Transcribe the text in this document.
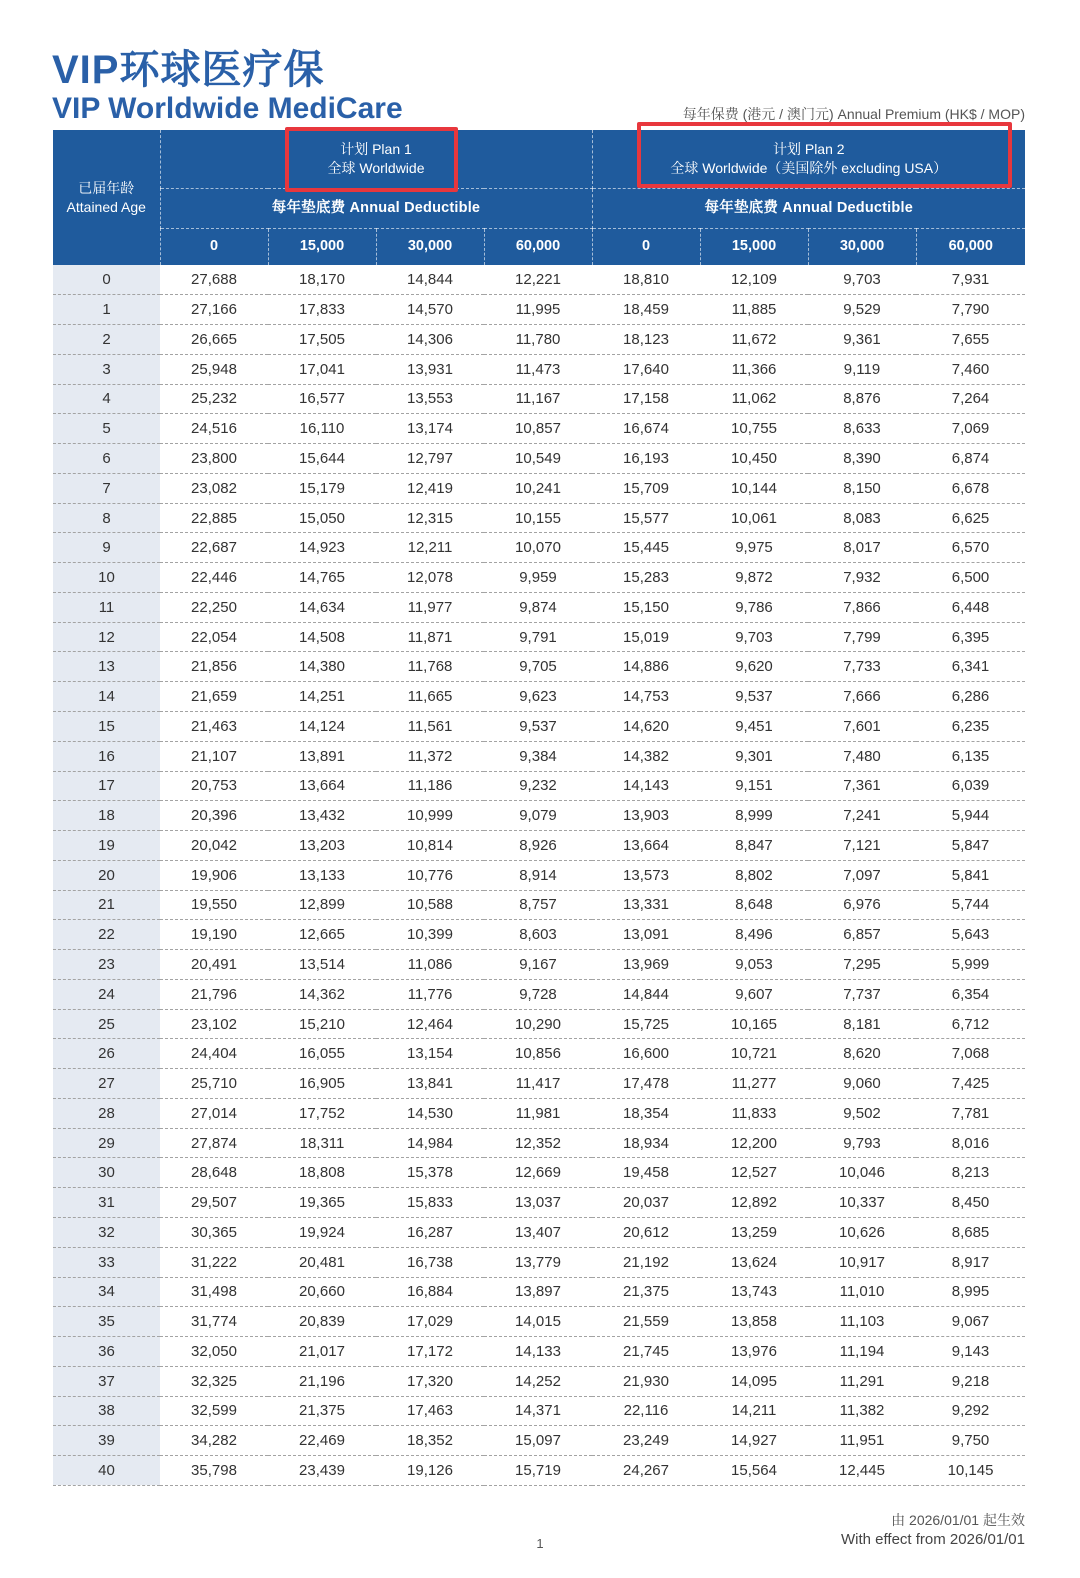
VIP环球医疗保
VIP Worldwide MediCare	每年保费 (港元 / 澳门元) Annual Premium (HK$ / MOP)
已届年龄
Attained Age	计划 Plan 1
全球 Worldwide				计划 Plan 2
全球 Worldwide（美国除外 excluding USA）			

	每年垫底费 Annual Deductible				每年垫底费 Annual Deductible			
	0	15,000	30,000	60,000	0	15,000	30,000	60,000
0	27,688	18,170	14,844	12,221	18,810	12,109	9,703	7,931
1	27,166	17,833	14,570	11,995	18,459	11,885	9,529	7,790
2	26,665	17,505	14,306	11,780	18,123	11,672	9,361	7,655
3	25,948	17,041	13,931	11,473	17,640	11,366	9,119	7,460
4	25,232	16,577	13,553	11,167	17,158	11,062	8,876	7,264
5	24,516	16,110	13,174	10,857	16,674	10,755	8,633	7,069
6	23,800	15,644	12,797	10,549	16,193	10,450	8,390	6,874
7	23,082	15,179	12,419	10,241	15,709	10,144	8,150	6,678
8	22,885	15,050	12,315	10,155	15,577	10,061	8,083	6,625
9	22,687	14,923	12,211	10,070	15,445	9,975	8,017	6,570
10	22,446	14,765	12,078	9,959	15,283	9,872	7,932	6,500
11	22,250	14,634	11,977	9,874	15,150	9,786	7,866	6,448
12	22,054	14,508	11,871	9,791	15,019	9,703	7,799	6,395
13	21,856	14,380	11,768	9,705	14,886	9,620	7,733	6,341
14	21,659	14,251	11,665	9,623	14,753	9,537	7,666	6,286
15	21,463	14,124	11,561	9,537	14,620	9,451	7,601	6,235
16	21,107	13,891	11,372	9,384	14,382	9,301	7,480	6,135
17	20,753	13,664	11,186	9,232	14,143	9,151	7,361	6,039
18	20,396	13,432	10,999	9,079	13,903	8,999	7,241	5,944
19	20,042	13,203	10,814	8,926	13,664	8,847	7,121	5,847
20	19,906	13,133	10,776	8,914	13,573	8,802	7,097	5,841
21	19,550	12,899	10,588	8,757	13,331	8,648	6,976	5,744
22	19,190	12,665	10,399	8,603	13,091	8,496	6,857	5,643
23	20,491	13,514	11,086	9,167	13,969	9,053	7,295	5,999
24	21,796	14,362	11,776	9,728	14,844	9,607	7,737	6,354
25	23,102	15,210	12,464	10,290	15,725	10,165	8,181	6,712
26	24,404	16,055	13,154	10,856	16,600	10,721	8,620	7,068
27	25,710	16,905	13,841	11,417	17,478	11,277	9,060	7,425
28	27,014	17,752	14,530	11,981	18,354	11,833	9,502	7,781
29	27,874	18,311	14,984	12,352	18,934	12,200	9,793	8,016
30	28,648	18,808	15,378	12,669	19,458	12,527	10,046	8,213
31	29,507	19,365	15,833	13,037	20,037	12,892	10,337	8,450
32	30,365	19,924	16,287	13,407	20,612	13,259	10,626	8,685
33	31,222	20,481	16,738	13,779	21,192	13,624	10,917	8,917
34	31,498	20,660	16,884	13,897	21,375	13,743	11,010	8,995
35	31,774	20,839	17,029	14,015	21,559	13,858	11,103	9,067
36	32,050	21,017	17,172	14,133	21,745	13,976	11,194	9,143
37	32,325	21,196	17,320	14,252	21,930	14,095	11,291	9,218
38	32,599	21,375	17,463	14,371	22,116	14,211	11,382	9,292
39	34,282	22,469	18,352	15,097	23,249	14,927	11,951	9,750
40	35,798	23,439	19,126	15,719	24,267	15,564	12,445	10,145
由 2026/01/01 起生效
With effect from 2026/01/01
1
